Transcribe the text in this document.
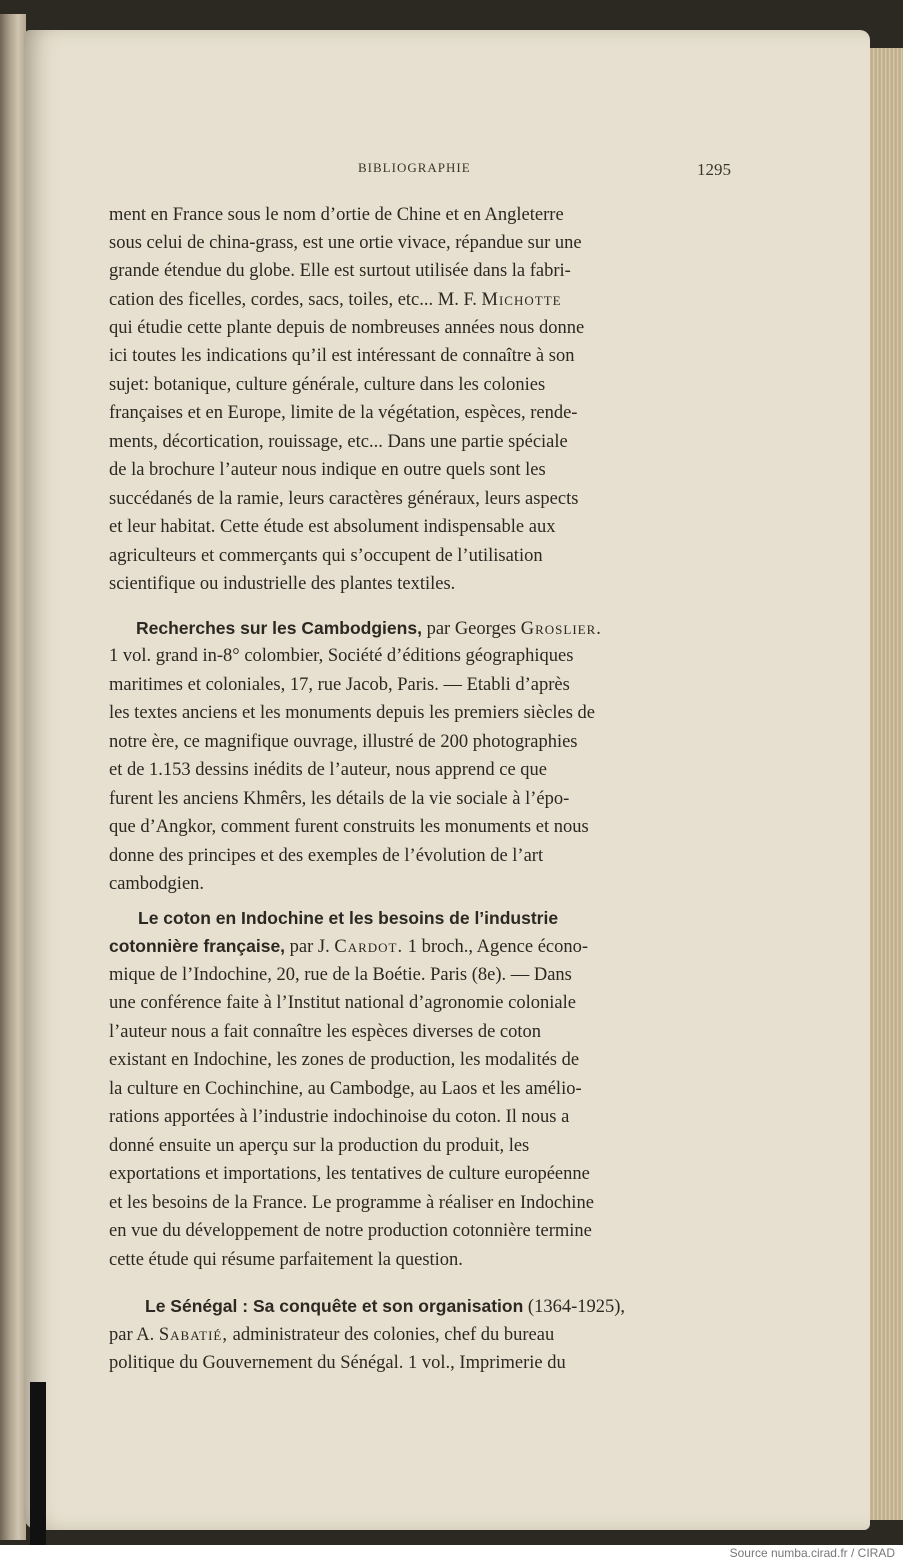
BIBLIOGRAPHIE	1295
ment en France sous le nom d’ortie de Chine et en Angleterre
sous celui de china-grass, est une ortie vivace, répandue sur une
grande étendue du globe. Elle est surtout utilisée dans la fabri-
cation des ficelles, cordes, sacs, toiles, etc... M. F. Michotte
qui étudie cette plante depuis de nombreuses années nous donne
ici toutes les indications qu’il est intéressant de connaître à son
sujet: botanique, culture générale, culture dans les colonies
françaises et en Europe, limite de la végétation, espèces, rende-
ments, décortication, rouissage, etc... Dans une partie spéciale
de la brochure l’auteur nous indique en outre quels sont les
succédanés de la ramie, leurs caractères généraux, leurs aspects
et leur habitat. Cette étude est absolument indispensable aux
agriculteurs et commerçants qui s’occupent de l’utilisation
scientifique ou industrielle des plantes textiles.
Recherches sur les Cambodgiens, par Georges Groslier.
1 vol. grand in-8° colombier, Société d’éditions géographiques
maritimes et coloniales, 17, rue Jacob, Paris. — Etabli d’après
les textes anciens et les monuments depuis les premiers siècles de
notre ère, ce magnifique ouvrage, illustré de 200 photographies
et de 1.153 dessins inédits de l’auteur, nous apprend ce que
furent les anciens Khmêrs, les détails de la vie sociale à l’épo-
que d’Angkor, comment furent construits les monuments et nous
donne des principes et des exemples de l’évolution de l’art
cambodgien.
Le coton en Indochine et les besoins de l’industrie
cotonnière française, par J. Cardot. 1 broch., Agence écono-
mique de l’Indochine, 20, rue de la Boétie. Paris (8e). — Dans
une conférence faite à l’Institut national d’agronomie coloniale
l’auteur nous a fait connaître les espèces diverses de coton
existant en Indochine, les zones de production, les modalités de
la culture en Cochinchine, au Cambodge, au Laos et les amélio-
rations apportées à l’industrie indochinoise du coton. Il nous a
donné ensuite un aperçu sur la production du produit, les
exportations et importations, les tentatives de culture européenne
et les besoins de la France. Le programme à réaliser en Indochine
en vue du développement de notre production cotonnière termine
cette étude qui résume parfaitement la question.
Le Sénégal : Sa conquête et son organisation (1364-1925),
par A. Sabatié, administrateur des colonies, chef du bureau
politique du Gouvernement du Sénégal. 1 vol., Imprimerie du
Source numba.cirad.fr / CIRAD
